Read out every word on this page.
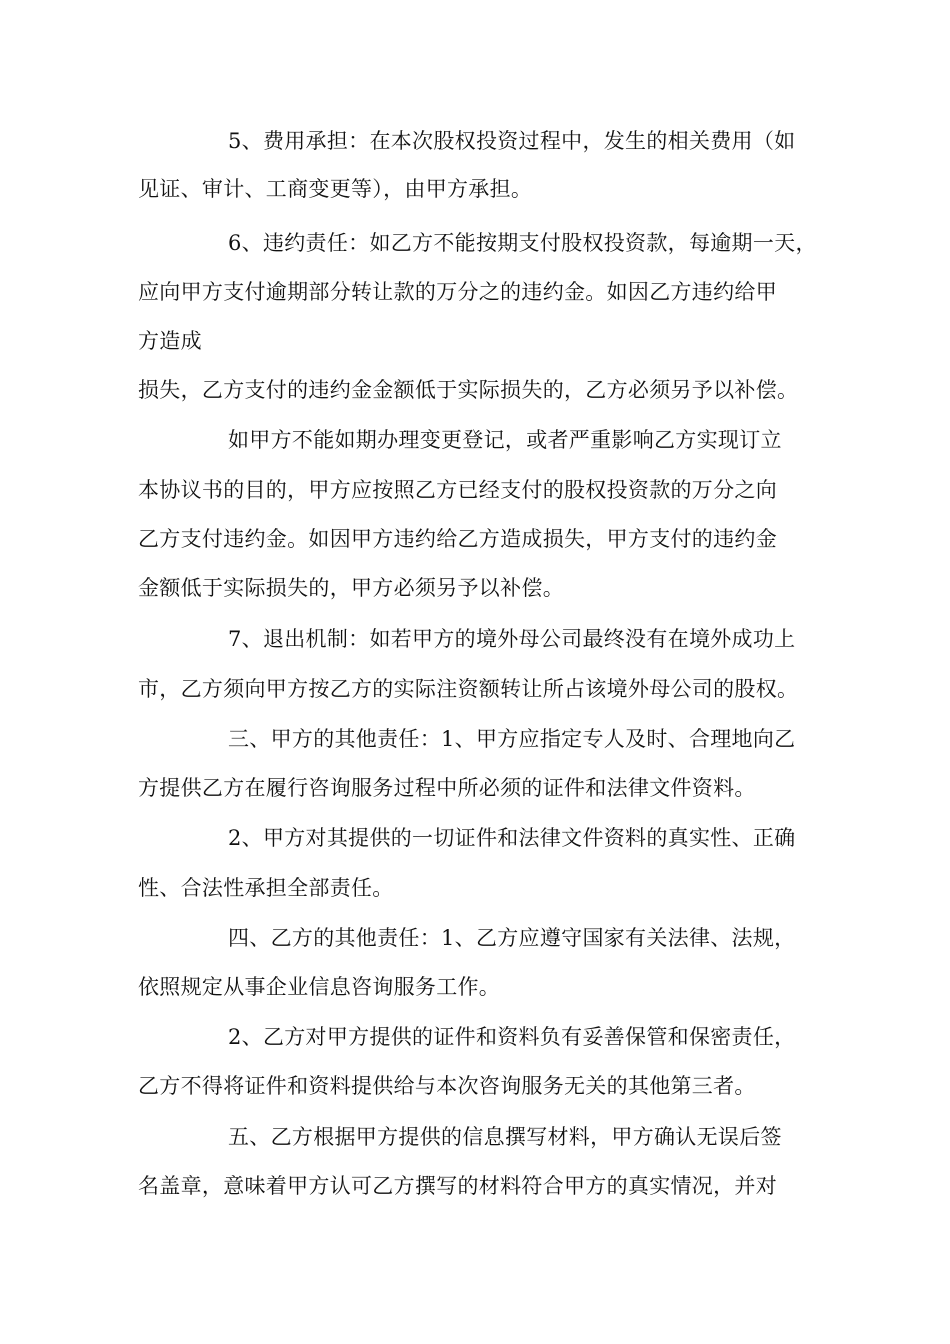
5、费用承担：在本次股权投资过程中，发生的相关费用（如
见证、审计、工商变更等），由甲方承担。
6、违约责任：如乙方不能按期支付股权投资款，每逾期一天，
应向甲方支付逾期部分转让款的万分之的违约金。如因乙方违约给甲
方造成
损失，乙方支付的违约金金额低于实际损失的，乙方必须另予以补偿。
如甲方不能如期办理变更登记，或者严重影响乙方实现订立
本协议书的目的，甲方应按照乙方已经支付的股权投资款的万分之向
乙方支付违约金。如因甲方违约给乙方造成损失，甲方支付的违约金
金额低于实际损失的，甲方必须另予以补偿。
7、退出机制：如若甲方的境外母公司最终没有在境外成功上
市，乙方须向甲方按乙方的实际注资额转让所占该境外母公司的股权。
三、甲方的其他责任：1、甲方应指定专人及时、合理地向乙
方提供乙方在履行咨询服务过程中所必须的证件和法律文件资料。
2、甲方对其提供的一切证件和法律文件资料的真实性、正确
性、合法性承担全部责任。
四、乙方的其他责任：1、乙方应遵守国家有关法律、法规，
依照规定从事企业信息咨询服务工作。
2、乙方对甲方提供的证件和资料负有妥善保管和保密责任，
乙方不得将证件和资料提供给与本次咨询服务无关的其他第三者。
五、乙方根据甲方提供的信息撰写材料，甲方确认无误后签
名盖章，意味着甲方认可乙方撰写的材料符合甲方的真实情况，并对
